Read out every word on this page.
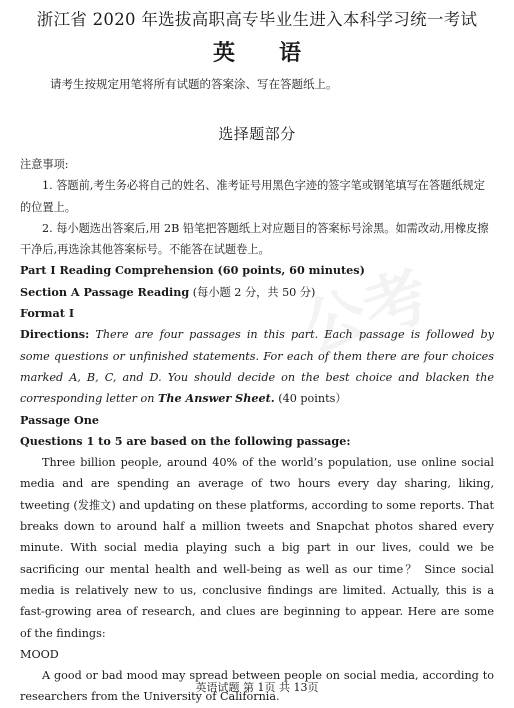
浙江省 2020 年选拔高职高专毕业生进入本科学习统一考试
英语
请考生按规定用笔将所有试题的答案涂、写在答题纸上。
选择题部分

注意事项:

1. 答题前,考生务必将自己的姓名、准考证号用黑色字迹的签字笔或钢笔填写在答题纸规定的位置上。

2. 每小题选出答案后,用 2B 铅笔把答题纸上对应题目的答案标号涂黑。如需改动,用橡皮擦干净后,再选涂其他答案标号。不能答在试题卷上。

Part I Reading Comprehension (60 points, 60 minutes)

Section A Passage Reading (每小题 2 分，共 50 分)

Format Ⅰ

Directions: There are four passages in this part. Each passage is followed by some questions or unfinished statements. For each of them there are four choices marked A, B, C, and D. You should decide on the best choice and blacken the corresponding letter on The Answer Sheet. (40 points）

Passage One

Questions 1 to 5 are based on the following passage:

Three billion people, around 40% of the world’s population, use online social media and are spending an average of two hours every day sharing, liking, tweeting (发推文) and updating on these platforms, according to some reports. That breaks down to around half a million tweets and Snapchat photos shared every minute. With social media playing such a big part in our lives, could we be sacrificing our mental health and well-being as well as our time？ Since social media is relatively new to us, conclusive findings are limited. Actually, this is a fast-growing area of research, and clues are beginning to appear. Here are some of the findings:

MOOD

A good or bad mood may spread between people on social media, according to researchers from the University of California.

英语试题 第 1页 共 13页
